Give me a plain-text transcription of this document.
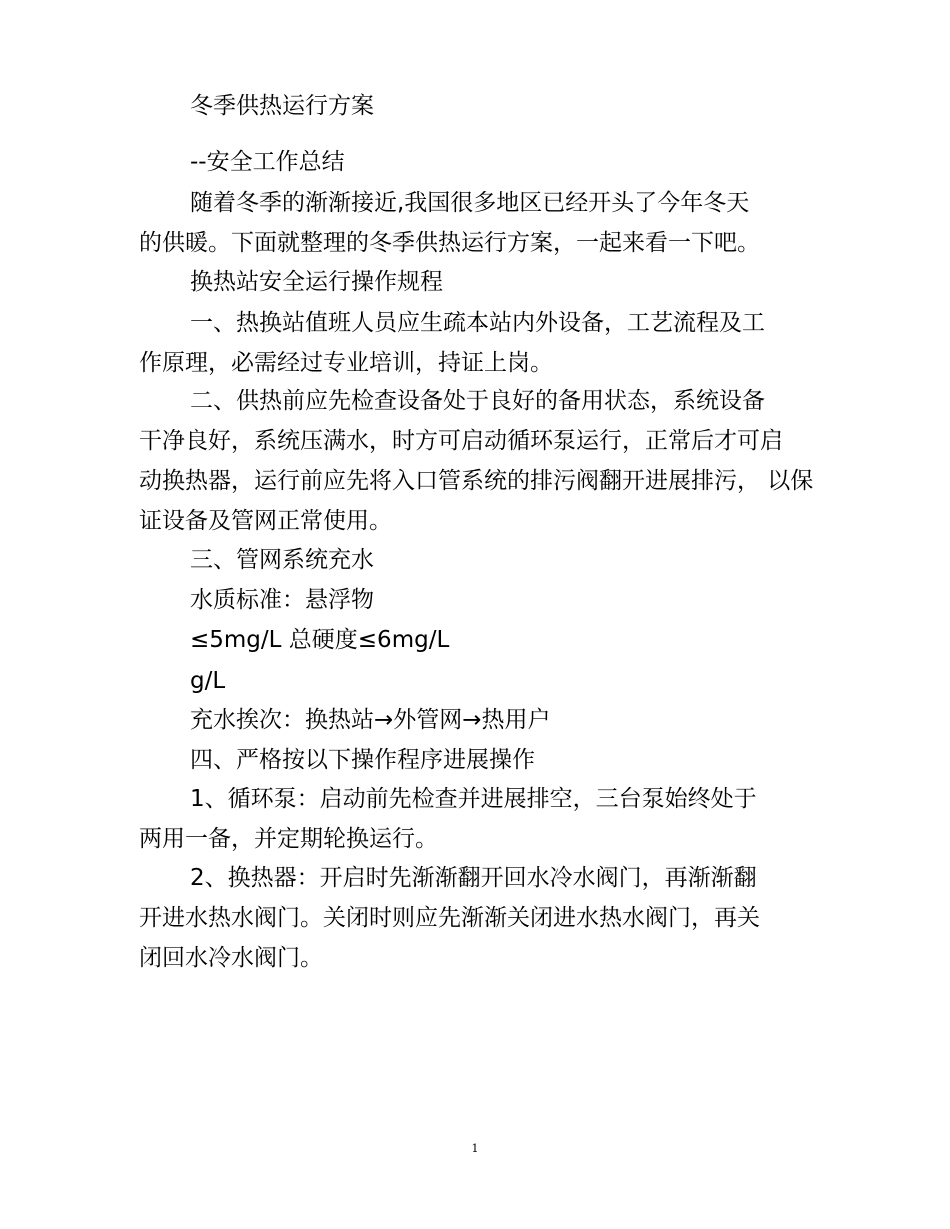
冬季供热运行方案

--安全工作总结

随着冬季的渐渐接近,我国很多地区已经开头了今年冬天
的供暖。下面就整理的冬季供热运行方案，一起来看一下吧。

换热站安全运行操作规程

一、热换站值班人员应生疏本站内外设备，工艺流程及工
作原理，必需经过专业培训，持证上岗。

二、供热前应先检查设备处于良好的备用状态，系统设备
干净良好，系统压满水，时方可启动循环泵运行，正常后才可启
动换热器，运行前应先将入口管系统的排污阀翻开进展排污， 以保
证设备及管网正常使用。

三、管网系统充水

水质标准：悬浮物

≤5mg/L 总硬度≤6mg/L

g/L

充水挨次：换热站→外管网→热用户

四、严格按以下操作程序进展操作

1、循环泵：启动前先检查并进展排空，三台泵始终处于
两用一备，并定期轮换运行。

2、换热器：开启时先渐渐翻开回水冷水阀门，再渐渐翻
开进水热水阀门。关闭时则应先渐渐关闭进水热水阀门，再关
闭回水冷水阀门。

1
